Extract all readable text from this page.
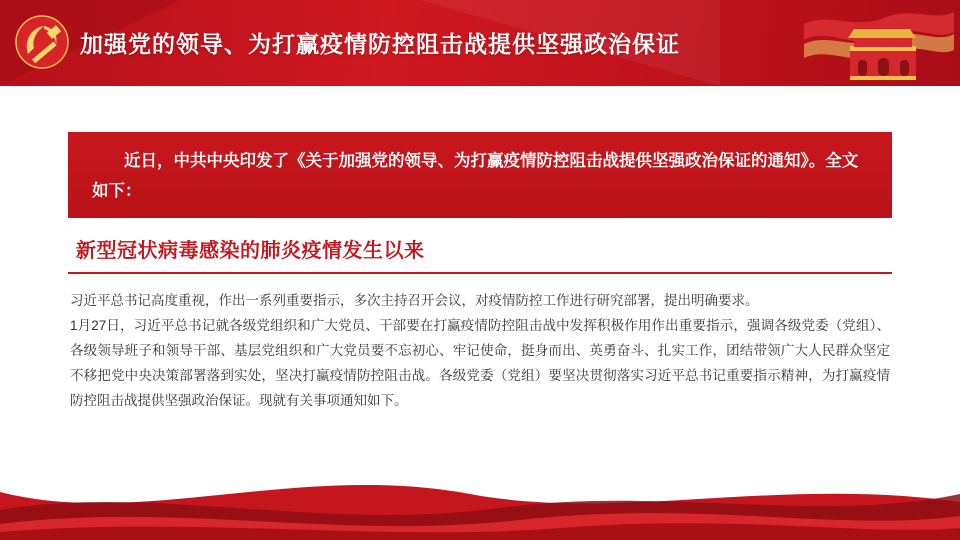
加强党的领导、为打赢疫情防控阻击战提供坚强政治保证
近日，中共中央印发了《关于加强党的领导、为打赢疫情防控阻击战提供坚强政治保证的通知》。全文如下：
新型冠状病毒感染的肺炎疫情发生以来

习近平总书记高度重视，作出一系列重要指示，多次主持召开会议，对疫情防控工作进行研究部署，提出明确要求。

1月27日，习近平总书记就各级党组织和广大党员、干部要在打赢疫情防控阻击战中发挥积极作用作出重要指示，强调各级党委（党组）、各级领导班子和领导干部、基层党组织和广大党员要不忘初心、牢记使命，挺身而出、英勇奋斗、扎实工作，团结带领广大人民群众坚定不移把党中央决策部署落到实处，坚决打赢疫情防控阻击战。各级党委（党组）要坚决贯彻落实习近平总书记重要指示精神，为打赢疫情防控阻击战提供坚强政治保证。现就有关事项通知如下。
